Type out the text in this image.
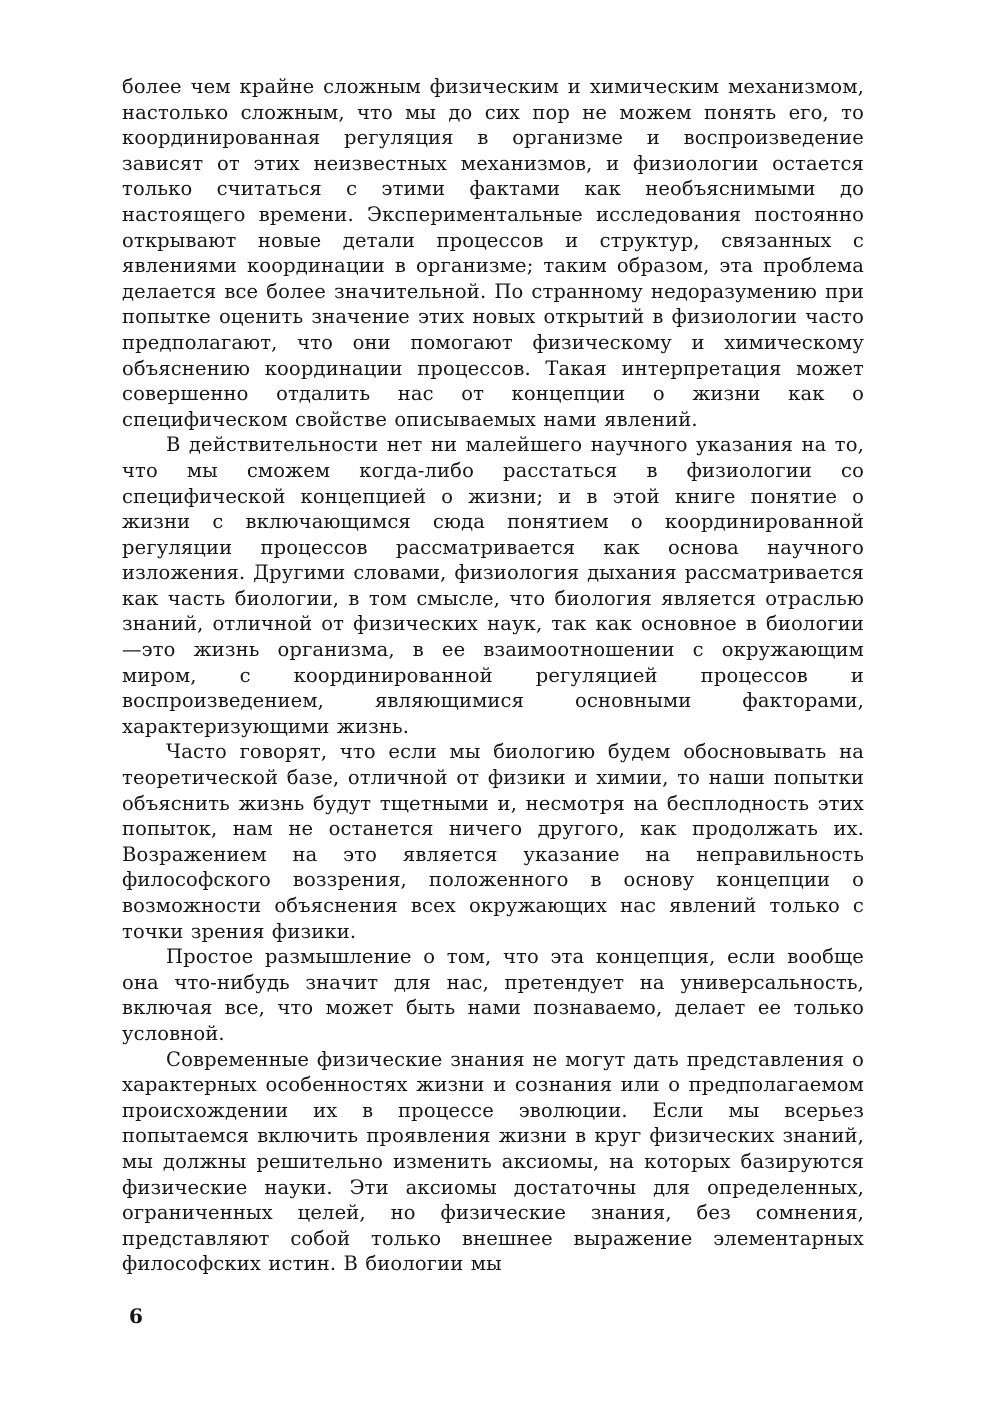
более чем крайне сложным физическим и химическим механизмом, настолько сложным, что мы до сих пор не можем понять его, то координированная регуляция в организме и воспроизведение зависят от этих неизвестных механизмов, и физиологии остается только считаться с этими фактами как необъяснимыми до настоящего времени. Экспериментальные исследования постоянно открывают новые детали процессов и структур, связанных с явлениями координации в организме; таким образом, эта проблема делается все более значительной. По странному недоразумению при попытке оценить значение этих новых открытий в физиологии часто предполагают, что они помогают физическому и химическому объяснению координации процессов. Такая интерпретация может совершенно отдалить нас от концепции о жизни как о специфическом свойстве описываемых нами явлений.

В действительности нет ни малейшего научного указания на то, что мы сможем когда-либо расстаться в физиологии со специфической концепцией о жизни; и в этой книге понятие о жизни с включающимся сюда понятием о координированной регуляции процессов рассматривается как основа научного изложения. Другими словами, физиология дыхания рассматривается как часть биологии, в том смысле, что биология является отраслью знаний, отличной от физических наук, так как основное в биологии—это жизнь организма, в ее взаимоотношении с окружающим миром, с координированной регуляцией процессов и воспроизведением, являющимися основными факторами, характеризующими жизнь.

Часто говорят, что если мы биологию будем обосновывать на теоретической базе, отличной от физики и химии, то наши попытки объяснить жизнь будут тщетными и, несмотря на бесплодность этих попыток, нам не останется ничего другого, как продолжать их. Возражением на это является указание на неправильность философского воззрения, положенного в основу концепции о возможности объяснения всех окружающих нас явлений только с точки зрения физики.

Простое размышление о том, что эта концепция, если вообще она что-нибудь значит для нас, претендует на универсальность, включая все, что может быть нами познаваемо, делает ее только условной.

Современные физические знания не могут дать представления о характерных особенностях жизни и сознания или о предполагаемом происхождении их в процессе эволюции. Если мы всерьез попытаемся включить проявления жизни в круг физических знаний, мы должны решительно изменить аксиомы, на которых базируются физические науки. Эти аксиомы достаточны для определенных, ограниченных целей, но физические знания, без сомнения, представляют собой только внешнее выражение элементарных философских истин. В биологии мы

6
